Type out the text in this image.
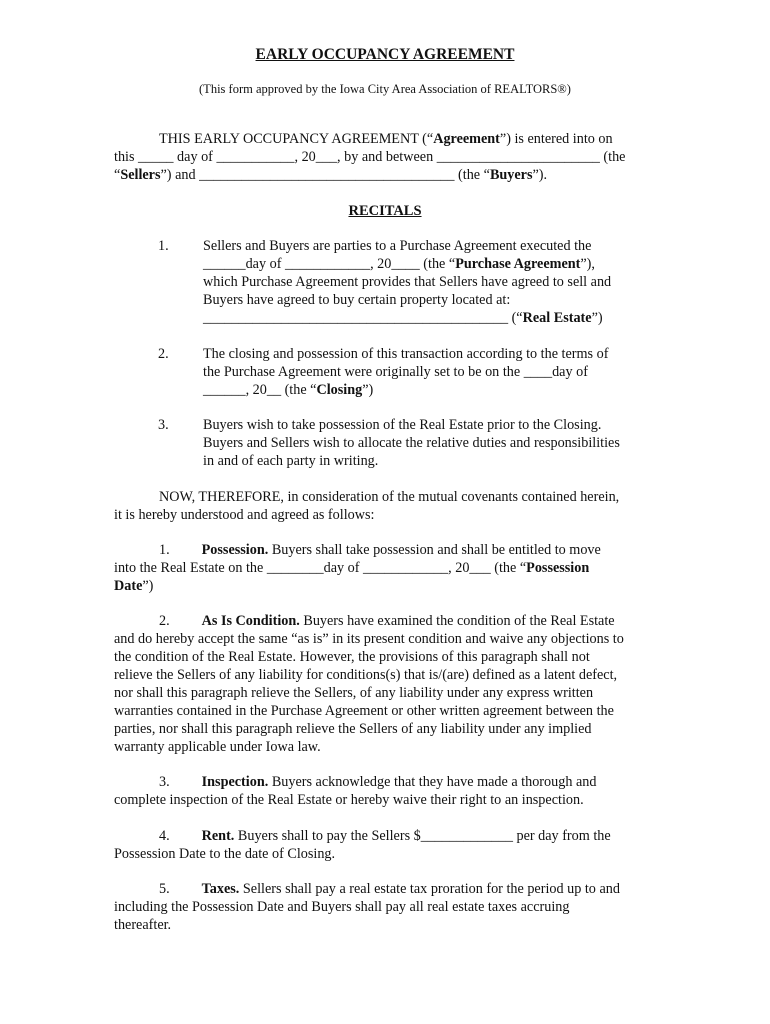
EARLY OCCUPANCY AGREEMENT
(This form approved by the Iowa City Area Association of REALTORS®)
THIS EARLY OCCUPANCY AGREEMENT (“Agreement”) is entered into on
this _____ day of ___________, 20___, by and between _______________________ (the
“Sellers”) and ____________________________________ (the “Buyers”).
RECITALS
1. Sellers and Buyers are parties to a Purchase Agreement executed the
______day of ____________, 20____ (the “Purchase Agreement”),
which Purchase Agreement provides that Sellers have agreed to sell and
Buyers have agreed to buy certain property located at:
___________________________________________ (“Real Estate”)
2. The closing and possession of this transaction according to the terms of
the Purchase Agreement were originally set to be on the ____day of
______, 20__ (the “Closing”)
3. Buyers wish to take possession of the Real Estate prior to the Closing.
Buyers and Sellers wish to allocate the relative duties and responsibilities
in and of each party in writing.
NOW, THEREFORE, in consideration of the mutual covenants contained herein,
it is hereby understood and agreed as follows:
1. Possession. Buyers shall take possession and shall be entitled to move
into the Real Estate on the ________day of ____________, 20___ (the “Possession
Date”)
2. As Is Condition. Buyers have examined the condition of the Real Estate
and do hereby accept the same “as is” in its present condition and waive any objections to
the condition of the Real Estate. However, the provisions of this paragraph shall not
relieve the Sellers of any liability for conditions(s) that is/(are) defined as a latent defect,
nor shall this paragraph relieve the Sellers, of any liability under any express written
warranties contained in the Purchase Agreement or other written agreement between the
parties, nor shall this paragraph relieve the Sellers of any liability under any implied
warranty applicable under Iowa law.
3. Inspection. Buyers acknowledge that they have made a thorough and
complete inspection of the Real Estate or hereby waive their right to an inspection.
4. Rent. Buyers shall to pay the Sellers $_____________ per day from the
Possession Date to the date of Closing.
5. Taxes. Sellers shall pay a real estate tax proration for the period up to and
including the Possession Date and Buyers shall pay all real estate taxes accruing
thereafter.
